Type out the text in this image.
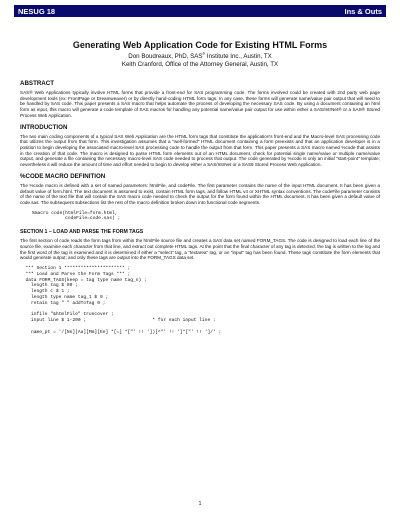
NESUG 18	Ins & Outs
Generating Web Application Code for Existing HTML Forms
Don Boudreaux, PhD, SAS® Institute Inc., Austin, TX
Keith Cranford, Office of the Attorney General, Austin, TX
ABSTRACT

SAS® Web Applications typically involve HTML forms that provide a front-end for SAS programming code. The forms involved could be created with 2nd party web page development tools (ex: FrontPage or Dreamweaver) or by directly hand-coding HTML form tags. In any case, these forms will generate name/value pair output that will need to be handled by SAS code. This paper presents a SAS macro that helps automate the process of developing the necessary SAS code. By using a document containing an html form as input, this macro will generate a code template of SAS macros for handling any potential name/value pair output for use within either a SAS/IntrNet® or a SAS® Stored Process Web Application.

INTRODUCTION

The two main coding components of a typical SAS Web Application are the HTML form tags that constitute the application's front-end and the Macro-level SAS processing code that utilizes the output from that form. This investigation assumes that a "well-formed" HTML document containing a form preexists and that an application developer is in a position to begin developing the associated macro-level SAS processing code to handle the output from that form. This paper presents a SAS macro named %code that assists in the creation of that code. The macro is designed to parse HTML form elements out of an HTML document, check for potential single name/value or multiple name/value output, and generate a file containing the necessary macro-level SAS code needed to process that output. The code generated by %code is only an initial "start-point" template; nevertheless it will reduce the amount of time and effort needed to begin to develop either a SAS/IntrNet or a SAS9 Stored Process Web Application.

%CODE MACRO DEFINITION

The %code macro is defined with a set of named parameters: htmlFile, and codeFile. The first parameter contains the name of the input HTML document. It has been given a default value of form.html. The text document is assumed to exist, contain HTML form tags, and follow HTML v4 or XHTML syntax conventions. The codeFile parameter consists of the name of the text file that will contain the SAS macro code needed to check the output for the form found within the HTML document. It has been given a default value of code.sas. The subsequent subsections list the rest of the macro definition broken down into functional code segments.

%macro code(htmlFile=form.html,
codeFile=code.sas) ;
SECTION 1 – LOAD AND PARSE THE FORM TAGS

The first section of code reads the form tags from within the htmlFile source file and creates a SAS data set named FORM_TAGS. The code is designed to load each line of the source file, examine each character from that line, and extract out complete HTML tags. At the point that the final character of any tag is detected, the tag is written to the log and the first word of the tag is examined and it is determined if either a "select" tag, a "textarea" tag, or an "input" tag has been found. These tags constitute the form elements that would generate output; and only these tags are output into the FORM_TAGS data set.

*** Section 1 ********************** ;
*** Load and Parse the Form Tags *** ;
data FORM_TAGS(keep = tag type name tag_n) ;
length tag $ 80 ;
length c $ 1 ;
length type name tag_1 $ 9 ;
retain tag " " addToTag 0 ;

infile "&htmlFile" truncover ;
input line $ 1-200 ;                        * for each input line ;

name_pt = '/[Nn][Aa][Mm][Ee] *[=] *["' !! '])[^"' !! ']*["' !! ']/' ;
1
